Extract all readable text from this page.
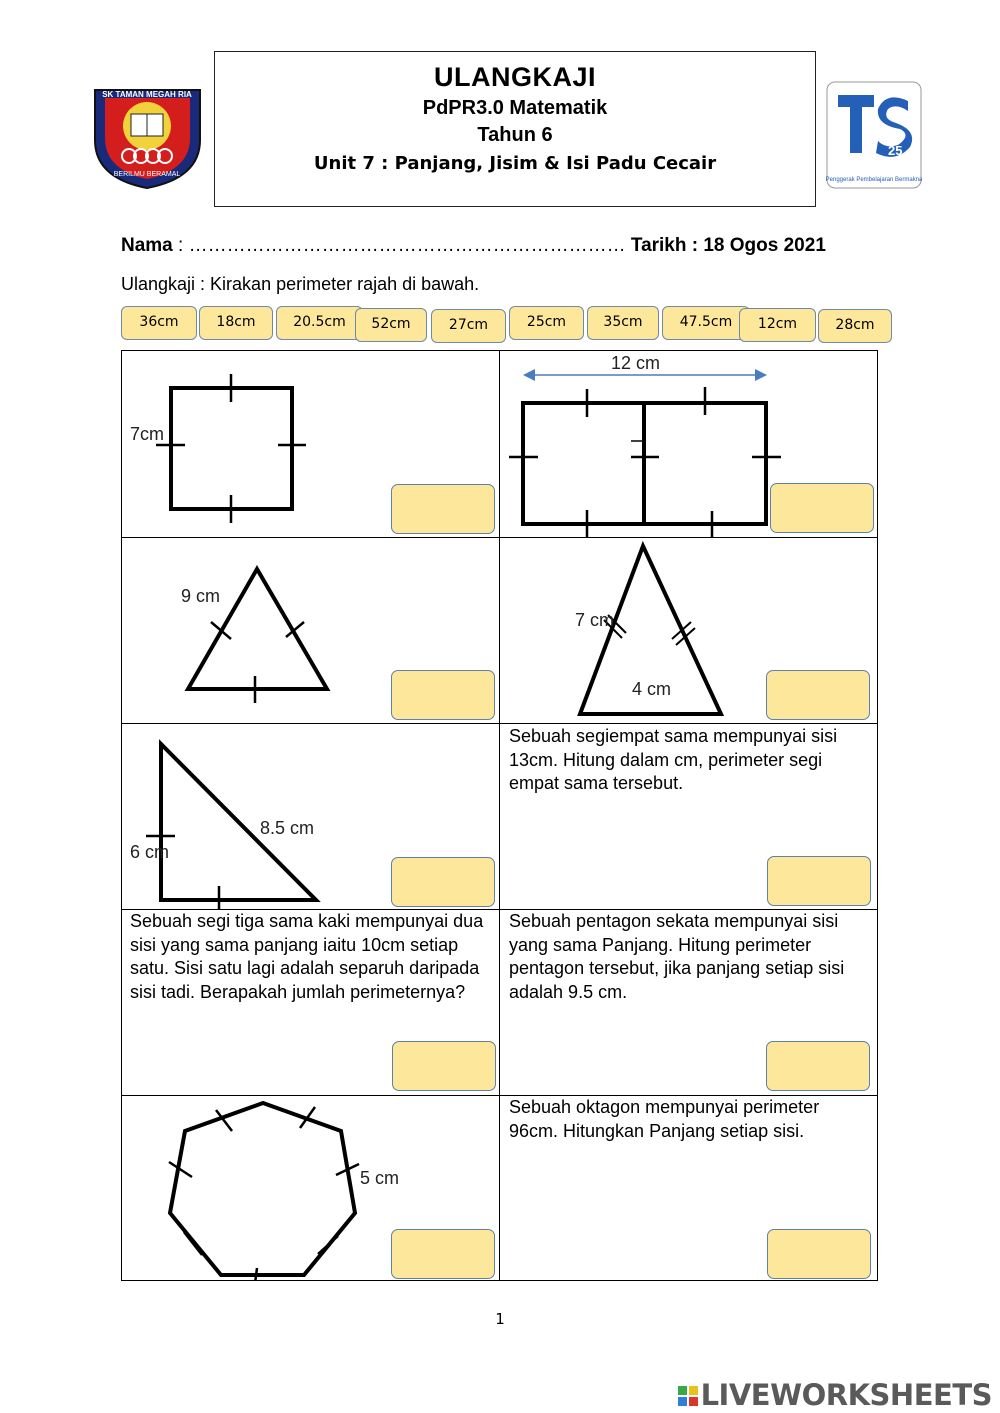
SK TAMAN MEGAH RIA
BERILMU BERAMAL
ULANGKAJI
PdPR3.0 Matematik
Tahun 6
Unit 7 : Panjang, Jisim & Isi Padu Cecair
25
Penggerak Pembelajaran Bermakna
Nama : …………………………………………………………… Tarikh : 18 Ogos 2021
Ulangkaji : Kirakan perimeter rajah di bawah.
36cm	18cm	20.5cm	52cm	27cm	25cm	35cm	47.5cm	12cm	28cm
7cm
12 cm
9 cm
7 cm
4 cm
8.5 cm
6 cm
Sebuah segiempat sama mempunyai sisi 13cm. Hitung dalam cm, perimeter segi empat sama tersebut.
Sebuah segi tiga sama kaki mempunyai dua sisi yang sama panjang iaitu 10cm setiap satu. Sisi satu lagi adalah separuh daripada sisi tadi. Berapakah jumlah perimeternya?
Sebuah pentagon sekata mempunyai sisi yang sama Panjang. Hitung perimeter pentagon tersebut, jika panjang setiap sisi adalah 9.5 cm.
5 cm
Sebuah oktagon mempunyai perimeter 96cm. Hitungkan Panjang setiap sisi.
1

LIVEWORKSHEETS
